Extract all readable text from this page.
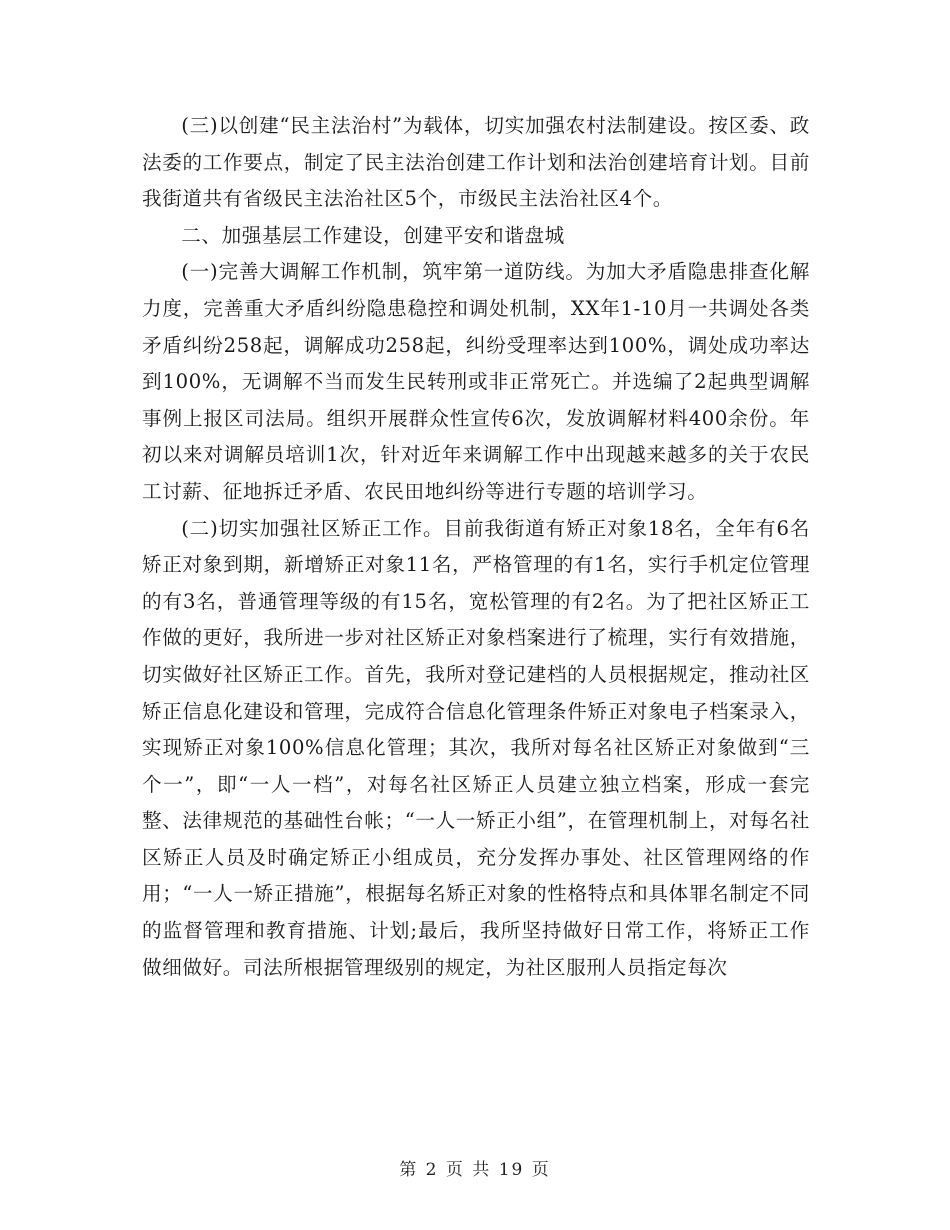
(三)以创建“民主法治村”为载体，切实加强农村法制建设。按区委、政法委的工作要点，制定了民主法治创建工作计划和法治创建培育计划。目前我街道共有省级民主法治社区5个，市级民主法治社区4个。

二、加强基层工作建设，创建平安和谐盘城

(一)完善大调解工作机制，筑牢第一道防线。为加大矛盾隐患排查化解力度，完善重大矛盾纠纷隐患稳控和调处机制，XX年1-10月一共调处各类矛盾纠纷258起，调解成功258起，纠纷受理率达到100%，调处成功率达到100%，无调解不当而发生民转刑或非正常死亡。并选编了2起典型调解事例上报区司法局。组织开展群众性宣传6次，发放调解材料400余份。年初以来对调解员培训1次，针对近年来调解工作中出现越来越多的关于农民工讨薪、征地拆迁矛盾、农民田地纠纷等进行专题的培训学习。

(二)切实加强社区矫正工作。目前我街道有矫正对象18名，全年有6名矫正对象到期，新增矫正对象11名，严格管理的有1名，实行手机定位管理的有3名，普通管理等级的有15名，宽松管理的有2名。为了把社区矫正工作做的更好，我所进一步对社区矫正对象档案进行了梳理，实行有效措施，切实做好社区矫正工作。首先，我所对登记建档的人员根据规定，推动社区矫正信息化建设和管理，完成符合信息化管理条件矫正对象电子档案录入，实现矫正对象100%信息化管理；其次，我所对每名社区矫正对象做到“三个一”，即“一人一档”，对每名社区矫正人员建立独立档案，形成一套完整、法律规范的基础性台帐；“一人一矫正小组”，在管理机制上，对每名社区矫正人员及时确定矫正小组成员，充分发挥办事处、社区管理网络的作用；“一人一矫正措施”，根据每名矫正对象的性格特点和具体罪名制定不同的监督管理和教育措施、计划;最后，我所坚持做好日常工作，将矫正工作做细做好。司法所根据管理级别的规定，为社区服刑人员指定每次

第 2 页 共 19 页
